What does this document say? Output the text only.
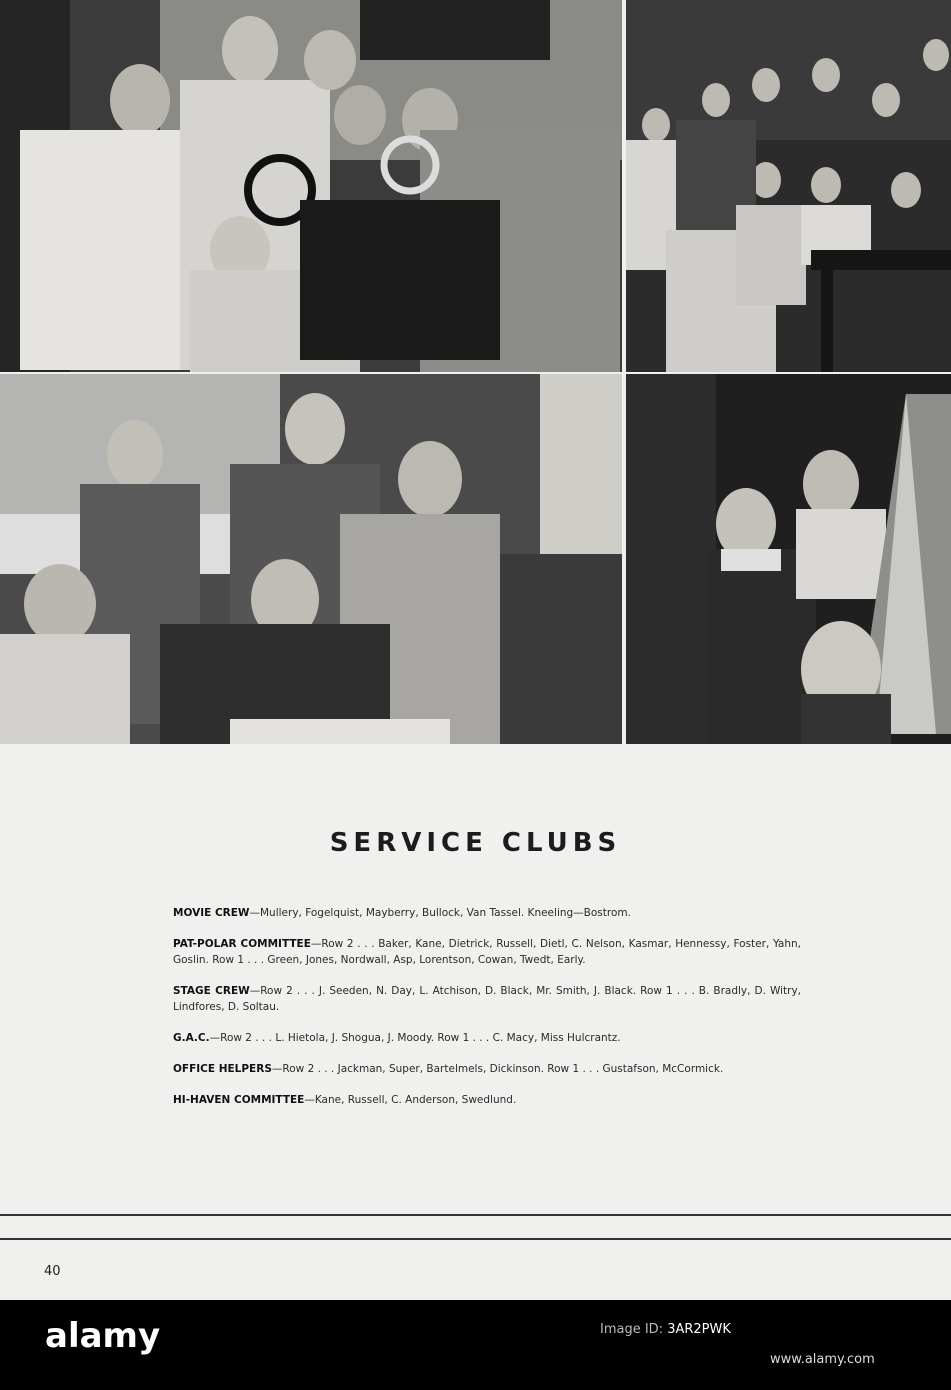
SERVICE CLUBS

MOVIE CREW—Mullery, Fogelquist, Mayberry, Bullock, Van Tassel. Kneeling—Bostrom.

PAT-POLAR COMMITTEE—Row 2 . . . Baker, Kane, Dietrick, Russell, Dietl, C. Nelson, Kasmar, Hennessy, Foster, Yahn, Goslin. Row 1 . . . Green, Jones, Nordwall, Asp, Lorentson, Cowan, Twedt, Early.

STAGE CREW—Row 2 . . . J. Seeden, N. Day, L. Atchison, D. Black, Mr. Smith, J. Black. Row 1 . . . B. Bradly, D. Witry, Lindfores, D. Soltau.

G.A.C.—Row 2 . . . L. Hietola, J. Shogua, J. Moody. Row 1 . . . C. Macy, Miss Hulcrantz.

OFFICE HELPERS—Row 2 . . . Jackman, Super, Bartelmels, Dickinson. Row 1 . . . Gustafson, McCormick.

HI-HAVEN COMMITTEE—Kane, Russell, C. Anderson, Swedlund.

40
alamy	Image ID: 3AR2PWK
www.alamy.com
